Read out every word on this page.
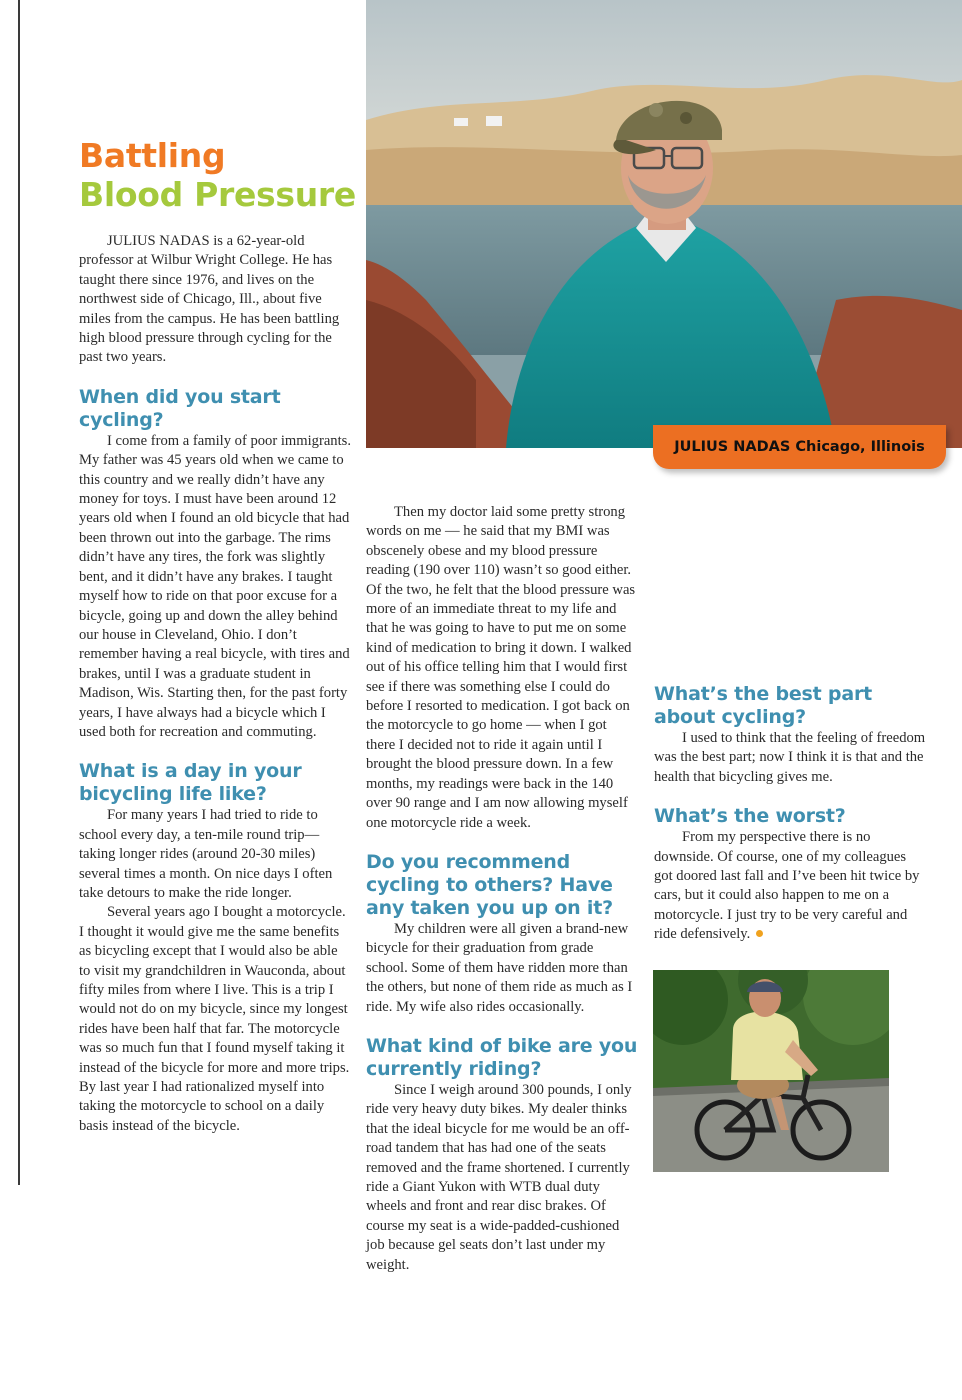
Battling
Blood Pressure

JULIUS NADAS is a 62-year-old professor at Wilbur Wright College. He has taught there since 1976, and lives on the northwest side of Chicago, Ill., about five miles from the campus. He has been battling high blood pressure through cycling for the past two years.

When did you start cycling?

I come from a family of poor immigrants. My father was 45 years old when we came to this country and we really didn’t have any money for toys. I must have been around 12 years old when I found an old bicycle that had been thrown out into the garbage. The rims didn’t have any tires, the fork was slightly bent, and it didn’t have any brakes. I taught myself how to ride on that poor excuse for a bicycle, going up and down the alley behind our house in Cleveland, Ohio. I don’t remember having a real bicycle, with tires and brakes, until I was a graduate student in Madison, Wis. Starting then, for the past forty years, I have always had a bicycle which I used both for recreation and commuting.

What is a day in your bicycling life like?

For many years I had tried to ride to school every day, a ten-mile round trip—taking longer rides (around 20-30 miles) several times a month. On nice days I often take detours to make the ride longer.

Several years ago I bought a motorcycle. I thought it would give me the same benefits as bicycling except that I would also be able to visit my grandchildren in Wauconda, about fifty miles from where I live. This is a trip I would not do on my bicycle, since my longest rides have been half that far. The motorcycle was so much fun that I found myself taking it instead of the bicycle for more and more trips. By last year I had rationalized myself into taking the motorcycle to school on a daily basis instead of the bicycle.

JULIUS NADAS Chicago, Illinois

Then my doctor laid some pretty strong words on me — he said that my BMI was obscenely obese and my blood pressure reading (190 over 110) wasn’t so good either. Of the two, he felt that the blood pressure was more of an immediate threat to my life and that he was going to have to put me on some kind of medication to bring it down. I walked out of his office telling him that I would first see if there was something else I could do before I resorted to medication. I got back on the motorcycle to go home — when I got there I decided not to ride it again until I brought the blood pressure down. In a few months, my readings were back in the 140 over 90 range and I am now allowing myself one motorcycle ride a week.

Do you recommend cycling to others? Have any taken you up on it?

My children were all given a brand-new bicycle for their graduation from grade school. Some of them have ridden more than the others, but none of them ride as much as I ride. My wife also rides occasionally.

What kind of bike are you currently riding?

Since I weigh around 300 pounds, I only ride very heavy duty bikes. My dealer thinks that the ideal bicycle for me would be an off-road tandem that has had one of the seats removed and the frame shortened. I currently ride a Giant Yukon with WTB dual duty wheels and front and rear disc brakes. Of course my seat is a wide-padded-cushioned job because gel seats don’t last under my weight.

What’s the best part about cycling?

I used to think that the feeling of freedom was the best part; now I think it is that and the health that bicycling gives me.

What’s the worst?

From my perspective there is no downside. Of course, one of my colleagues got doored last fall and I’ve been hit twice by cars, but it could also happen to me on a motorcycle. I just try to be very careful and ride defensively.
